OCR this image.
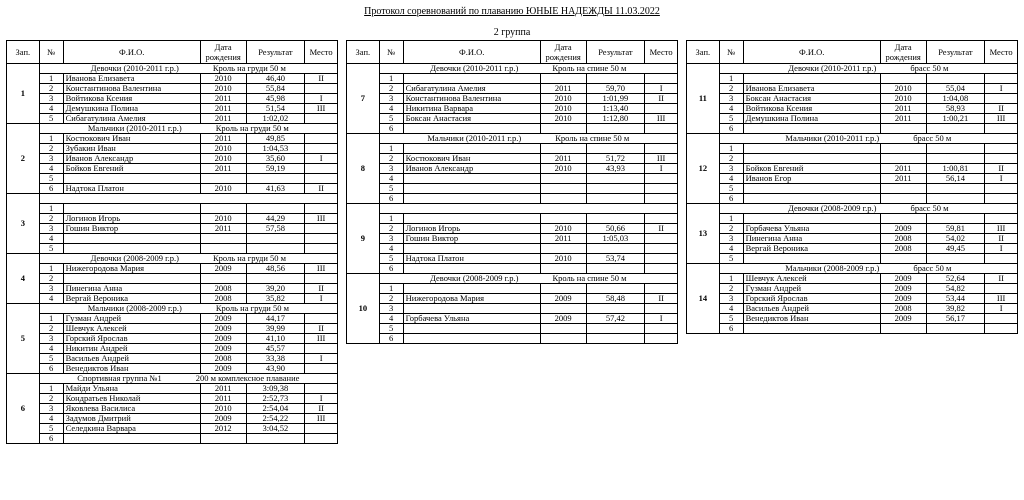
Протокол соревнований по плаванию ЮНЫЕ НАДЕЖДЫ 11.03.2022
2 группа
Зап.	№	Ф.И.О.	Дата рождения	Результат	Место
1	Девочки (2010-2011 г.р.) Кроль на груди 50 м				
	1	Иванова Елизавета	2010	46,40	II
	2	Константинова Валентина	2010	55,84	
	3	Войтикова Ксения	2011	45,98	I
	4	Демушкина Полина	2011	51,54	III
	5	Сибагатулина Амелия	2011	1:02,02	
2	Мальчики (2010-2011 г.р.) Кроль на груди 50 м				
	1	Костюкович Иван	2011	49,85	
	2	Зубакин Иван	2010	1:04,53	
	3	Иванов Александр	2010	35,60	I
	4	Бойков Евгений	2011	59,19	
	5				
	6	Надтока Платон	2010	41,63	II
3					
	1				
	2	Логинов Игорь	2010	44,29	III
	3	Гошин Виктор	2011	57,58	
	4				
	5				
4	Девочки (2008-2009 г.р.) Кроль на груди 50 м				
	1	Нижегородова Мария	2009	48,56	III
	2				
	3	Пинегина Анна	2008	39,20	II
	4	Вергай Вероника	2008	35,82	I
5	Мальчики (2008-2009 г.р.) Кроль на груди 50 м				
	1	Гузман Андрей	2009	44,17	
	2	Шевчук Алексей	2009	39,99	II
	3	Горский Ярослав	2009	41,10	III
	4	Никитин Андрей	2009	45,57	
	5	Васильев Андрей	2008	33,38	I
	6	Венедиктов Иван	2009	43,90	
6	Спортивная группа №1 200 м комплексное плавание				
	1	Майди Ульяна	2011	3:09,38	
	2	Кондратьев Николай	2011	2:52,73	I
	3	Яковлева Василиса	2010	2:54,04	II
	4	Задумов Дмитрий	2009	2:54,22	III
	5	Селедкина Варвара	2012	3:04,52	
	6				
Зап.	№	Ф.И.О.	Дата рождения	Результат	Место
7	Девочки (2010-2011 г.р.) Кроль на спине 50 м				
	1				
	2	Сибагатулина Амелия	2011	59,70	I
	3	Константинова Валентина	2010	1:01,99	II
	4	Никитина Варвара	2010	1:13,40	
	5	Боксан Анастасия	2010	1:12,80	III
	6				
8	Мальчики (2010-2011 г.р.) Кроль на спине 50 м				
	1				
	2	Костюкович Иван	2011	51,72	III
	3	Иванов Александр	2010	43,93	I
	4				
	5				
	6				
9					
	1				
	2	Логинов Игорь	2010	50,66	II
	3	Гошин Виктор	2011	1:05,03	
	4				
	5	Надтока Платон	2010	53,74	
	6				
10	Девочки (2008-2009 г.р.) Кроль на спине 50 м				
	1				
	2	Нижегородова Мария	2009	58,48	II
	3				
	4	Горбачева Ульяна	2009	57,42	I
	5				
	6				
Зап.	№	Ф.И.О.	Дата рождения	Результат	Место
11	Девочки (2010-2011 г.р.) брасс 50 м				
	1				
	2	Иванова Елизавета	2010	55,04	I
	3	Боксан Анастасия	2010	1:04,08	
	4	Войтикова Ксения	2011	58,93	II
	5	Демушкина Полина	2011	1:00,21	III
	6				
12	Мальчики (2010-2011 г.р.) брасс 50 м				
	1				
	2				
	3	Бойков Евгений	2011	1:00,81	II
	4	Иванов Егор	2011	56,14	I
	5				
	6				
13	Девочки (2008-2009 г.р.) брасс 50 м				
	1				
	2	Горбачева Ульяна	2009	59,81	III
	3	Пинегина Анна	2008	54,02	II
	4	Вергай Вероника	2008	49,45	I
	5				
14	Мальчики (2008-2009 г.р.) брасс 50 м				
	1	Шевчук Алексей	2009	52,64	II
	2	Гузман Андрей	2009	54,82	
	3	Горский Ярослав	2009	53,44	III
	4	Васильев Андрей	2008	39,82	I
	5	Венедиктов Иван	2009	56,17	
	6				
